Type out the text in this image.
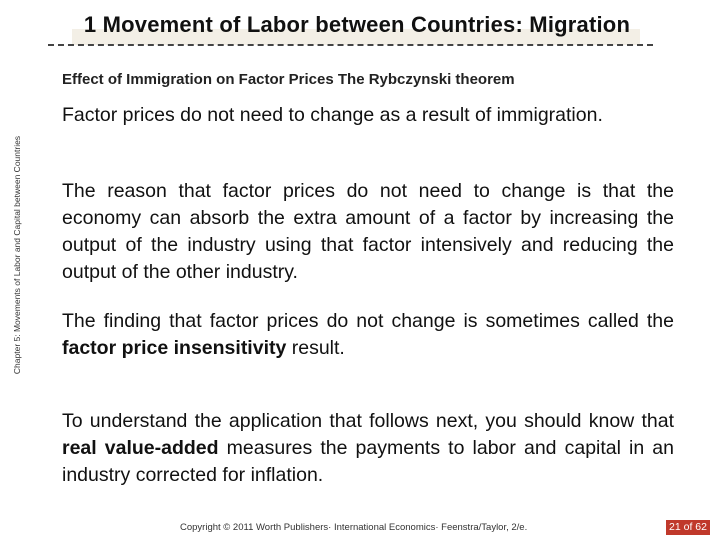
1 Movement of Labor between Countries: Migration
Chapter 5: Movements of Labor and Capital between Countries
Effect of Immigration on Factor Prices The Rybczynski theorem

Factor prices do not need to change as a result of immigration.

The reason that factor prices do not need to change is that the economy can absorb the extra amount of a factor by increasing the output of the industry using that factor intensively and reducing the output of the other industry.

The finding that factor prices do not change is sometimes called the factor price insensitivity result.

To understand the application that follows next, you should know that real value-added measures the payments to labor and capital in an industry corrected for inflation.

Copyright © 2011 Worth Publishers· International Economics· Feenstra/Taylor, 2/e.	21 of 62
